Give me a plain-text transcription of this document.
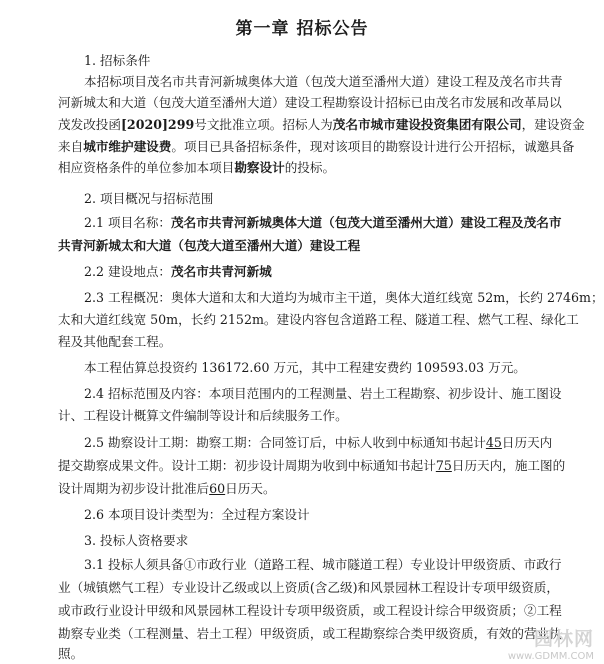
第一章 招标公告
1. 招标条件
本招标项目茂名市共青河新城奥体大道（包茂大道至潘州大道）建设工程及茂名市共青
河新城太和大道（包茂大道至潘州大道）建设工程勘察设计招标已由茂名市发展和改革局以
茂发改投函[2020]299号文批准立项。招标人为茂名市城市建设投资集团有限公司，建设资金
来自城市维护建设费。项目已具备招标条件，现对该项目的勘察设计进行公开招标，诚邀具备
相应资格条件的单位参加本项目勘察设计的投标。
2. 项目概况与招标范围
2.1 项目名称：茂名市共青河新城奥体大道（包茂大道至潘州大道）建设工程及茂名市
共青河新城太和大道（包茂大道至潘州大道）建设工程
2.2 建设地点：茂名市共青河新城
2.3 工程概况：奥体大道和太和大道均为城市主干道，奥体大道红线宽 52m，长约 2746m；
太和大道红线宽 50m，长约 2152m。建设内容包含道路工程、隧道工程、燃气工程、绿化工
程及其他配套工程。
本工程估算总投资约 136172.60 万元，其中工程建安费约 109593.03 万元。
2.4 招标范围及内容：本项目范围内的工程测量、岩土工程勘察、初步设计、施工图设
计、工程设计概算文件编制等设计和后续服务工作。
2.5 勘察设计工期：勘察工期：合同签订后，中标人收到中标通知书起计45日历天内
提交勘察成果文件。设计工期：初步设计周期为收到中标通知书起计75日历天内，施工图的
设计周期为初步设计批准后60日历天。
2.6 本项目设计类型为：全过程方案设计
3. 投标人资格要求
3.1 投标人须具备①市政行业（道路工程、城市隧道工程）专业设计甲级资质、市政行
业（城镇燃气工程）专业设计乙级或以上资质(含乙级)和风景园林工程设计专项甲级资质，
或市政行业设计甲级和风景园林工程设计专项甲级资质，或工程设计综合甲级资质；②工程
勘察专业类（工程测量、岩土工程）甲级资质，或工程勘察综合类甲级资质，有效的营业执
照。
园林网
www.GDMM.COM
